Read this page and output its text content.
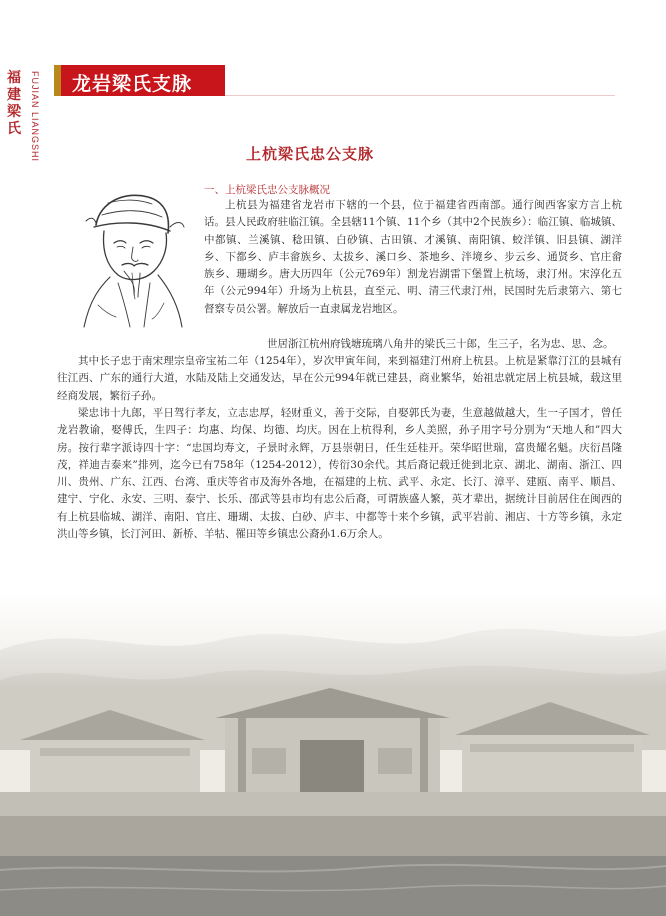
福建梁氏	FUJIAN LIANGSHI 龙岩梁氏支脉
上杭梁氏忠公支脉
一、上杭梁氏忠公支脉概况

上杭县为福建省龙岩市下辖的一个县，位于福建省西南部。通行闽西客家方言上杭话。县人民政府驻临江镇。全县辖11个镇、11个乡（其中2个民族乡）：临江镇、临城镇、中都镇、兰溪镇、稔田镇、白砂镇、古田镇、才溪镇、南阳镇、蛟洋镇、旧县镇、湖洋乡、下都乡、庐丰畲族乡、太拔乡、溪口乡、茶地乡、泮境乡、步云乡、通贤乡、官庄畲族乡、珊瑚乡。唐大历四年（公元769年）割龙岩湖雷下堡置上杭场，隶汀州。宋淳化五年（公元994年）升场为上杭县，直至元、明、清三代隶汀州，民国时先后隶第六、第七督察专员公署。解放后一直隶属龙岩地区。

世居浙江杭州府钱塘琉璃八角井的梁氏三十郎，生三子，名为忠、思、念。

其中长子忠于南宋理宗皇帝宝祐二年（1254年），岁次甲寅年间，来到福建汀州府上杭县。上杭是紧靠汀江的县城有往江西、广东的通行大道，水陆及陆上交通发达，早在公元994年就已建县，商业繁华，始祖忠就定居上杭县城，载这里经商发展，繁衍子孙。

梁忠讳十九郎，平日驾行孝友，立志忠厚，轻财重义，善于交际，自娶郭氏为妻，生意越做越大，生一子国才，曾任龙岩教谕，娶傅氏，生四子：均惠、均保、均德、均庆。因在上杭得利，乡人美照，孙子用字号分别为“天地人和”四大房。按行辈字派诗四十字：“忠国均寿文，子景时永辉，万县崇朝日，任生廷桂开。荣华昭世瑞，富贵耀名魁。庆衍昌隆茂，祥迪吉泰来”排列，迄今已有758年（1254-2012），传衍30余代。其后裔记载迁徙到北京、湖北、湖南、浙江、四川、贵州、广东、江西、台湾、重庆等省市及海外各地，在福建的上杭、武平、永定、长汀、漳平、建瓯、南平、顺昌、建宁、宁化、永安、三明、泰宁、长乐、邵武等县市均有忠公后裔，可谓族盛人繁，英才辈出，据统计目前居住在闽西的有上杭县临城、湖洋、南阳、官庄、珊瑚、太拔、白砂、庐丰、中都等十来个乡镇，武平岩前、湘店、十方等乡镇，永定洪山等乡镇，长汀河田、新桥、羊牯、罹田等乡镇忠公裔孙1.6万余人。
